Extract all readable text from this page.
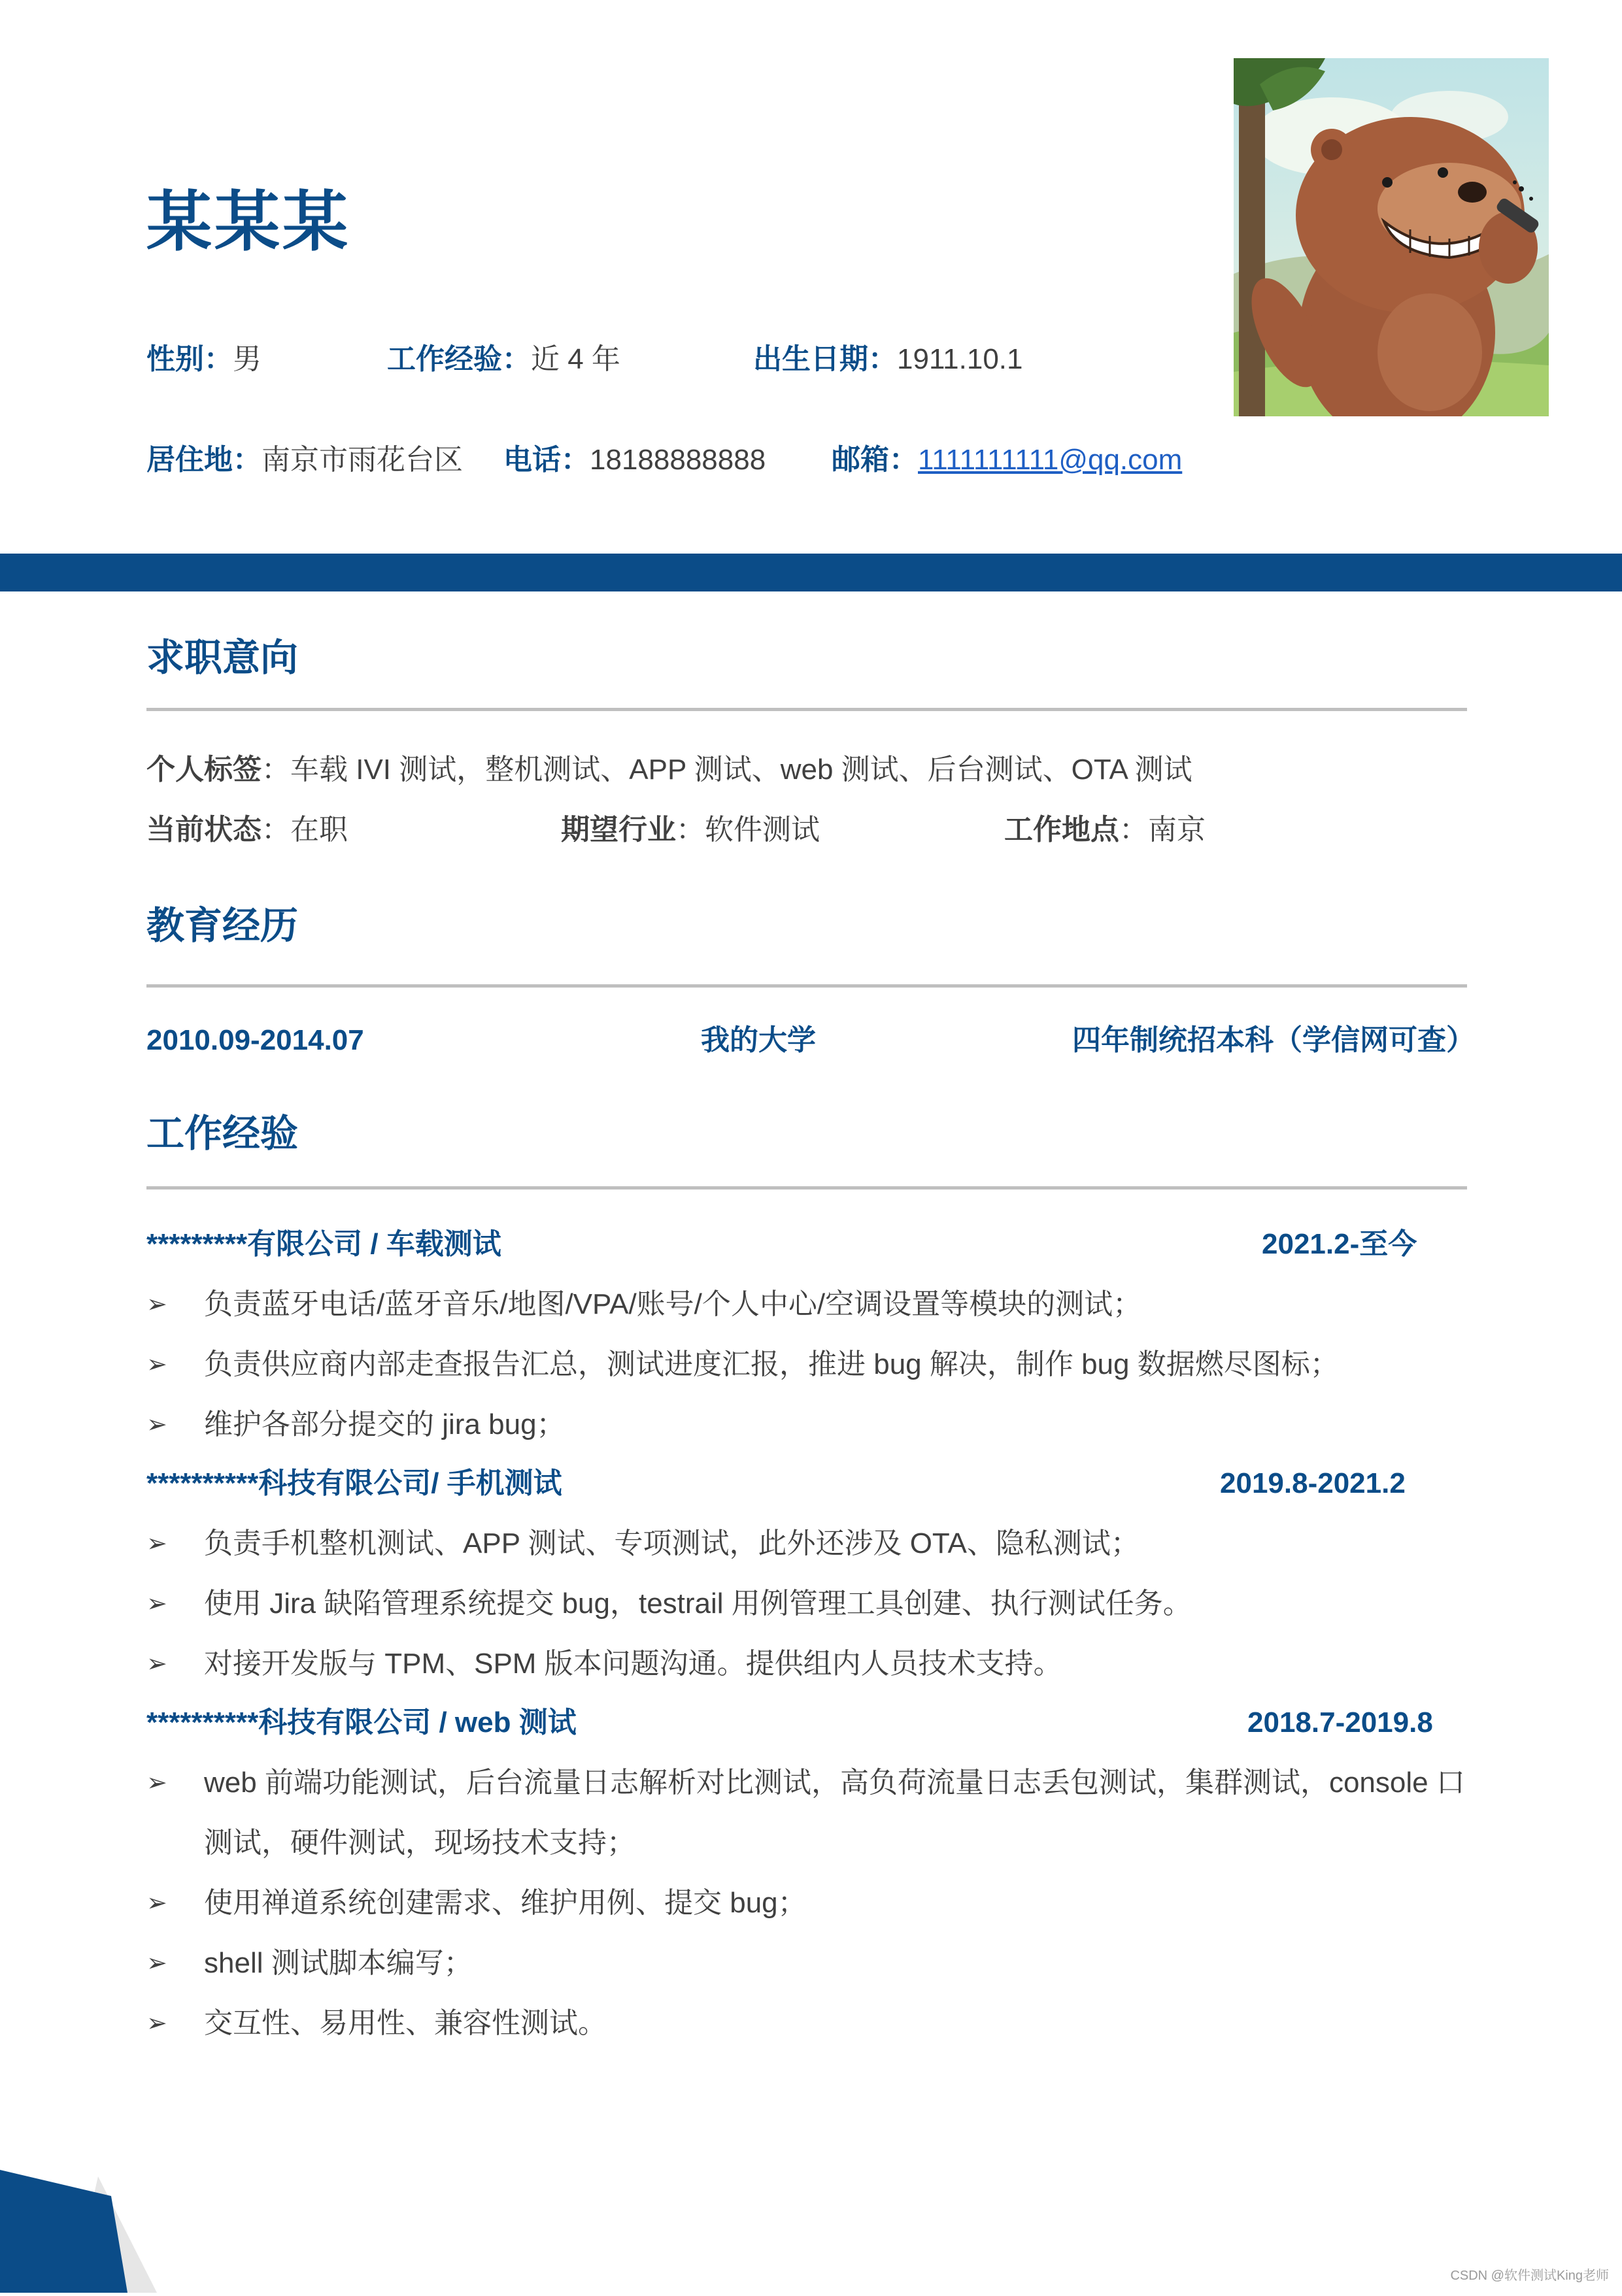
某某某
性别：男	工作经验：近 4 年	出生日期：1911.10.1
居住地：南京市雨花台区 电话：18188888888 邮箱：1111111111@qq.com
求职意向
个人标签：车载 IVI 测试，整机测试、APP 测试、web 测试、后台测试、OTA 测试
当前状态：在职	期望行业：软件测试	工作地点：南京
教育经历
2010.09-2014.07	我的大学	四年制统招本科（学信网可查）
工作经验
*********有限公司 / 车载测试	2021.2-至今
➢	负责蓝牙电话/蓝牙音乐/地图/VPA/账号/个人中心/空调设置等模块的测试；
➢	负责供应商内部走查报告汇总，测试进度汇报，推进 bug 解决，制作 bug 数据燃尽图标；
➢	维护各部分提交的 jira bug；
**********科技有限公司/ 手机测试	2019.8-2021.2
➢	负责手机整机测试、APP 测试、专项测试，此外还涉及 OTA、隐私测试；
➢	使用 Jira 缺陷管理系统提交 bug，testrail 用例管理工具创建、执行测试任务。
➢	对接开发版与 TPM、SPM 版本问题沟通。提供组内人员技术支持。
**********科技有限公司 / web 测试	2018.7-2019.8
➢	web 前端功能测试，后台流量日志解析对比测试，高负荷流量日志丢包测试，集群测试，console 口测试，硬件测试，现场技术支持；
➢	使用禅道系统创建需求、维护用例、提交 bug；
➢	shell 测试脚本编写；
➢	交互性、易用性、兼容性测试。
CSDN @软件测试King老师
